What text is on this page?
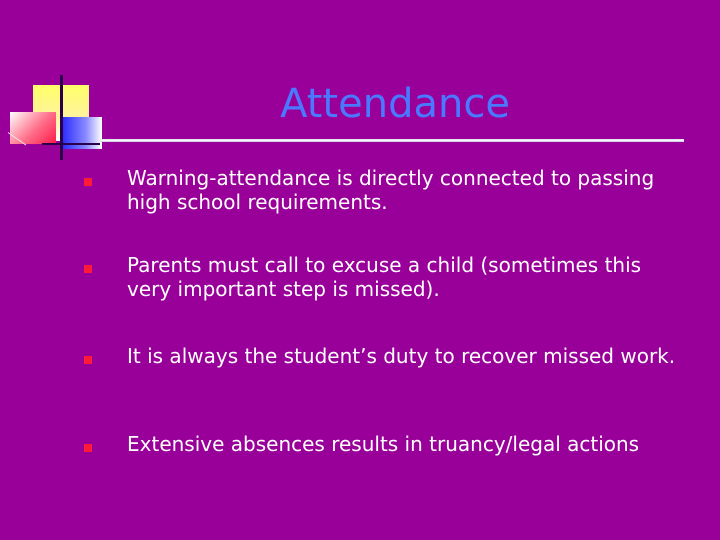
Attendance
Warning-attendance is directly connected to passing high school requirements.
Parents must call to excuse a child (sometimes this very important step is missed).
It is always the student’s duty to recover missed work.
Extensive absences results in truancy/legal actions
